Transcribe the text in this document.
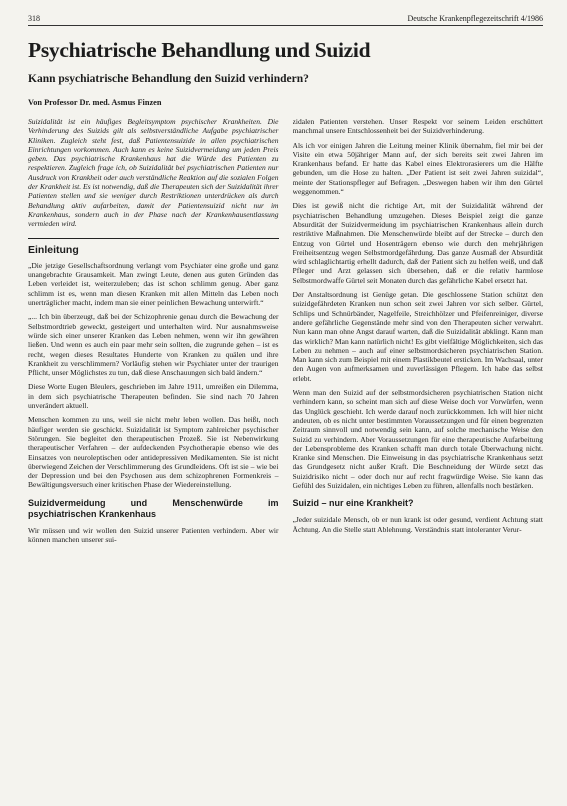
318	Deutsche Krankenpflegezeitschrift 4/1986
Psychiatrische Behandlung und Suizid
Kann psychiatrische Behandlung den Suizid verhindern?
Von Professor Dr. med. Asmus Finzen

Suizidalität ist ein häufiges Begleitsymptom psychischer Krankheiten. Die Verhinderung des Suizids gilt als selbstverständliche Aufgabe psychiatrischer Kliniken. Zugleich steht fest, daß Patientensuizide in allen psychiatrischen Einrichtungen vorkommen. Auch kann es keine Suizidvermeidung um jeden Preis geben. Das psychiatrische Krankenhaus hat die Würde des Patienten zu respektieren. Zugleich frage ich, ob Suizidalität bei psychiatrischen Patienten nur Ausdruck von Krankheit oder auch verständliche Reaktion auf die sozialen Folgen der Krankheit ist. Es ist notwendig, daß die Therapeuten sich der Suizidalität ihrer Patienten stellen und sie weniger durch Restriktionen unterdrücken als durch Behandlung aktiv aufarbeiten, damit der Patientensuizid nicht nur im Krankenhaus, sondern auch in der Phase nach der Krankenhausentlassung vermieden wird.

Einleitung

„Die jetzige Gesellschaftsordnung verlangt vom Psychiater eine große und ganz unangebrachte Grausamkeit. Man zwingt Leute, denen aus guten Gründen das Leben verleidet ist, weiterzuleben; das ist schon schlimm genug. Aber ganz schlimm ist es, wenn man diesen Kranken mit allen Mitteln das Leben noch unerträglicher macht, indem man sie einer peinlichen Bewachung unterwirft.“

„... Ich bin überzeugt, daß bei der Schizophrenie genau durch die Bewachung der Selbstmordtrieb geweckt, gesteigert und unterhalten wird. Nur ausnahmsweise würde sich einer unserer Kranken das Leben nehmen, wenn wir ihn gewähren ließen. Und wenn es auch ein paar mehr sein sollten, die zugrunde gehen – ist es recht, wegen dieses Resultates Hunderte von Kranken zu quälen und ihre Krankheit zu verschlimmern? Vorläufig stehen wir Psychiater unter der traurigen Pflicht, unser Möglichstes zu tun, daß diese Anschauungen sich bald ändern.“

Diese Worte Eugen Bleulers, geschrieben im Jahre 1911, umreißen ein Dilemma, in dem sich psychiatrische Therapeuten befinden. Sie sind nach 70 Jahren unverändert aktuell.

Menschen kommen zu uns, weil sie nicht mehr leben wollen. Das heißt, noch häufiger werden sie geschickt. Suizidalität ist Symptom zahlreicher psychischer Störungen. Sie begleitet den therapeutischen Prozeß. Sie ist Nebenwirkung therapeutischer Verfahren – der aufdeckenden Psychotherapie ebenso wie des Einsatzes von neuroleptischen oder antidepressiven Medikamenten. Sie ist nicht überwiegend Zeichen der Verschlimmerung des Grundleidens. Oft ist sie – wie bei der Depression und bei den Psychosen aus dem schizophrenen Formenkreis – Bewältigungsversuch einer kritischen Phase der Wiedereinstellung.

Suizidvermeidung und Menschenwürde im psychiatrischen Krankenhaus

Wir müssen und wir wollen den Suizid unserer Patienten verhindern. Aber wir können manchen unserer sui-

zidalen Patienten verstehen. Unser Respekt vor seinem Leiden erschüttert manchmal unsere Entschlossenheit bei der Suizidverhinderung.

Als ich vor einigen Jahren die Leitung meiner Klinik übernahm, fiel mir bei der Visite ein etwa 50jähriger Mann auf, der sich bereits seit zwei Jahren im Krankenhaus befand. Er hatte das Kabel eines Elektrorasierers um die Hälfte gebunden, um die Hose zu halten. „Der Patient ist seit zwei Jahren suizidal“, meinte der Stationspfleger auf Befragen. „Deswegen haben wir ihm den Gürtel weggenommen.“

Dies ist gewiß nicht die richtige Art, mit der Suizidalität während der psychiatrischen Behandlung umzugehen. Dieses Beispiel zeigt die ganze Absurdität der Suizidvermeidung im psychiatrischen Krankenhaus allein durch restriktive Maßnahmen. Die Menschenwürde bleibt auf der Strecke – durch den Entzug von Gürtel und Hosenträgern ebenso wie durch den mehrjährigen Freiheitsentzug wegen Selbstmordgefährdung. Das ganze Ausmaß der Absurdität wird schlaglichtartig erhellt dadurch, daß der Patient sich zu helfen weiß, und daß Pfleger und Arzt gelassen sich übersehen, daß er die relativ harmlose Selbstmordwaffe Gürtel seit Monaten durch das gefährliche Kabel ersetzt hat.

Der Anstaltsordnung ist Genüge getan. Die geschlossene Station schützt den suizidgefährdeten Kranken nun schon seit zwei Jahren vor sich selber. Gürtel, Schlips und Schnürbänder, Nagelfeile, Streichhölzer und Pfeifenreiniger, diverse andere gefährliche Gegenstände mehr sind von den Therapeuten sicher verwahrt. Nun kann man ohne Angst darauf warten, daß die Suizidalität abklingt. Kann man das wirklich? Man kann natürlich nicht! Es gibt vielfältige Möglichkeiten, sich das Leben zu nehmen – auch auf einer selbstmordsicheren psychiatrischen Station. Man kann sich zum Beispiel mit einem Plastikbeutel ersticken. Im Wachsaal, unter den Augen von aufmerksamen und zuverlässigen Pflegern. Ich habe das selbst erlebt.

Wenn man den Suizid auf der selbstmordsicheren psychiatrischen Station nicht verhindern kann, so scheint man sich auf diese Weise doch vor Vorwürfen, wenn das Unglück geschieht. Ich werde darauf noch zurückkommen. Ich will hier nicht andeuten, ob es nicht unter bestimmten Voraussetzungen und für einen begrenzten Zeitraum sinnvoll und notwendig sein kann, auf solche mechanische Weise den Suizid zu verhindern. Aber Voraussetzungen für eine therapeutische Aufarbeitung der Lebensprobleme des Kranken schafft man durch totale Überwachung nicht. Kranke sind Menschen. Die Einweisung in das psychiatrische Krankenhaus setzt das Grundgesetz nicht außer Kraft. Die Beschneidung der Würde setzt das Suizidrisiko nicht – oder doch nur auf recht fragwürdige Weise. Sie kann das Gefühl des Suizidalen, ein nichtiges Leben zu führen, allenfalls noch bestärken.

Suizid – nur eine Krankheit?

„Jeder suizidale Mensch, ob er nun krank ist oder gesund, verdient Achtung statt Ächtung. An die Stelle statt Ablehnung. Verständnis statt intoleranter Verur-
